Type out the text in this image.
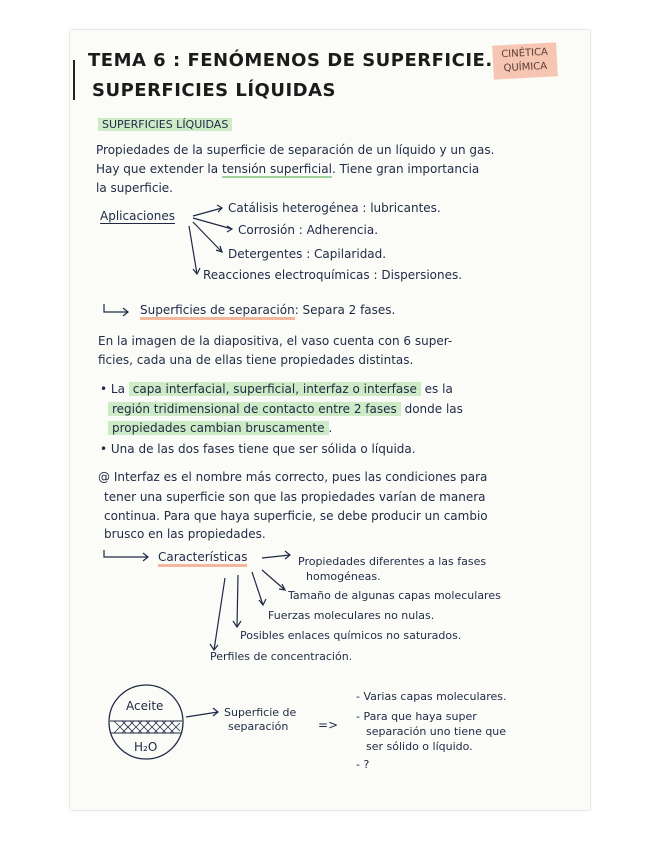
CINÉTICA
QUÍMICA
TEMA 6 : FENÓMENOS DE SUPERFICIE.
SUPERFICIES LÍQUIDAS
SUPERFICIES LÍQUIDAS
Propiedades de la superficie de separación de un líquido y un gas.
Hay que extender la tensión superficial. Tiene gran importancia
la superficie.
Aplicaciones
Catálisis heterogénea : lubricantes.
Corrosión : Adherencia.
Detergentes : Capilaridad.
Reacciones electroquímicas : Dispersiones.
Superficies de separación: Separa 2 fases.
En la imagen de la diapositiva, el vaso cuenta con 6 super-
ficies, cada una de ellas tiene propiedades distintas.
• La capa interfacial, superficial, interfaz o interfase es la
región tridimensional de contacto entre 2 fases donde las
propiedades cambian bruscamente .
• Una de las dos fases tiene que ser sólida o líquida.
@ Interfaz es el nombre más correcto, pues las condiciones para
tener una superficie son que las propiedades varían de manera
continua. Para que haya superficie, se debe producir un cambio
brusco en las propiedades.
Características	Propiedades diferentes a las fases
homogéneas.
Tamaño de algunas capas moleculares
Fuerzas moleculares no nulas.
Posibles enlaces químicos no saturados.
Perfiles de concentración.
Aceite
H₂O
Superficie de
separación =>
- Varias capas moleculares.
- Para que haya super
separación uno tiene que
ser sólido o líquido.
- ?
